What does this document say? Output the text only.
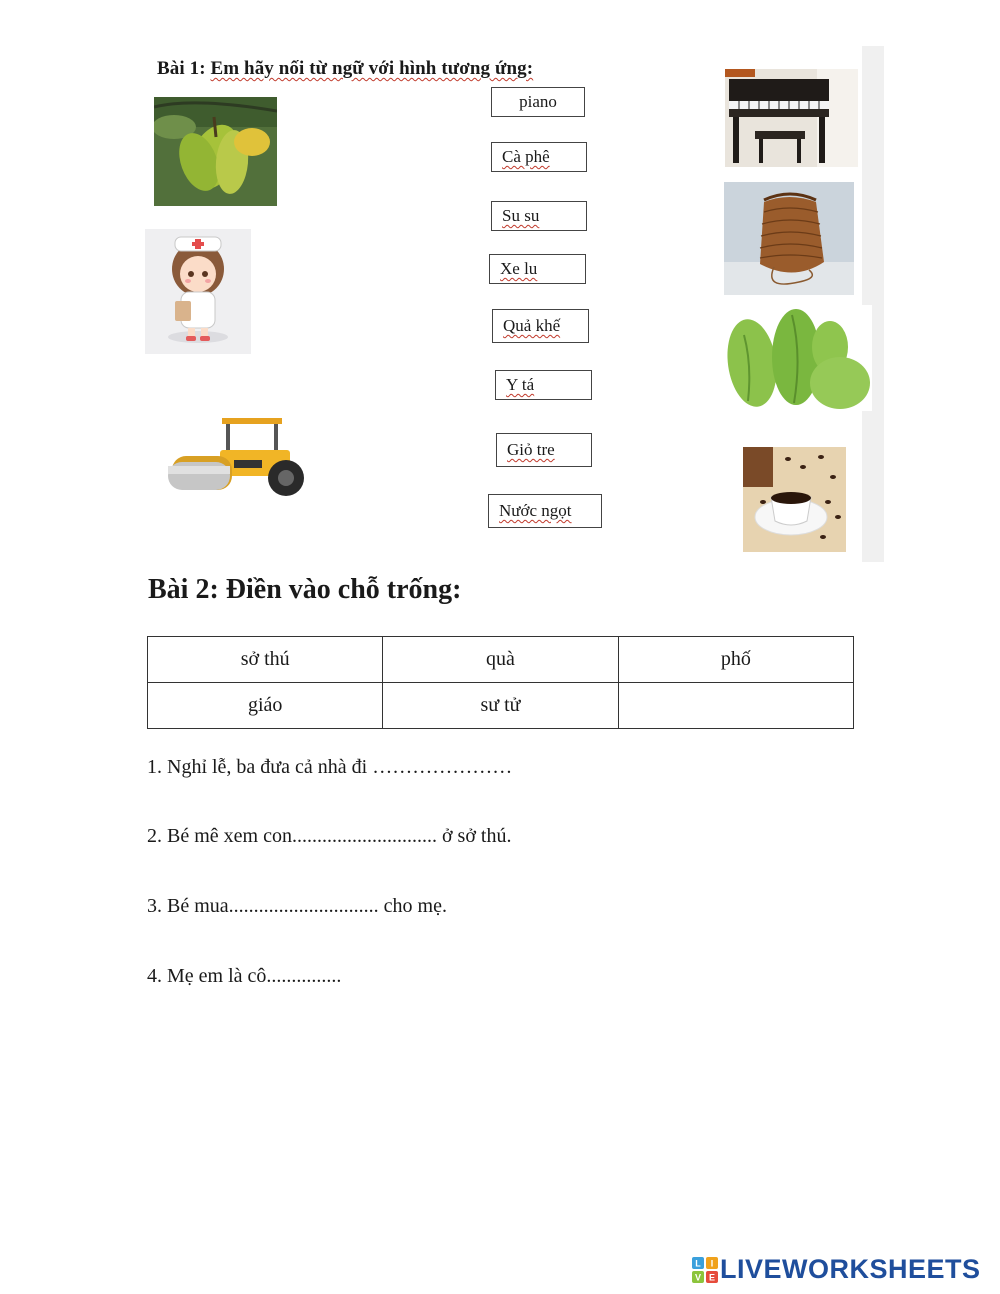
Bài 1: Em hãy nối từ ngữ với hình tương ứng:
piano
Cà phê
Su su
Xe lu
Quả khế
Y tá
Giỏ tre
Nước ngọt
Bài 2: Điền vào chỗ trống:
sở thú	quà	phố
giáo	sư tử	
1. Nghỉ lễ, ba đưa cả nhà đi …………………
2. Bé mê xem con............................. ở sở thú.
3. Bé mua.............................. cho mẹ.
4. Mẹ em là cô...............
L I
V E LIVEWORKSHEETS
